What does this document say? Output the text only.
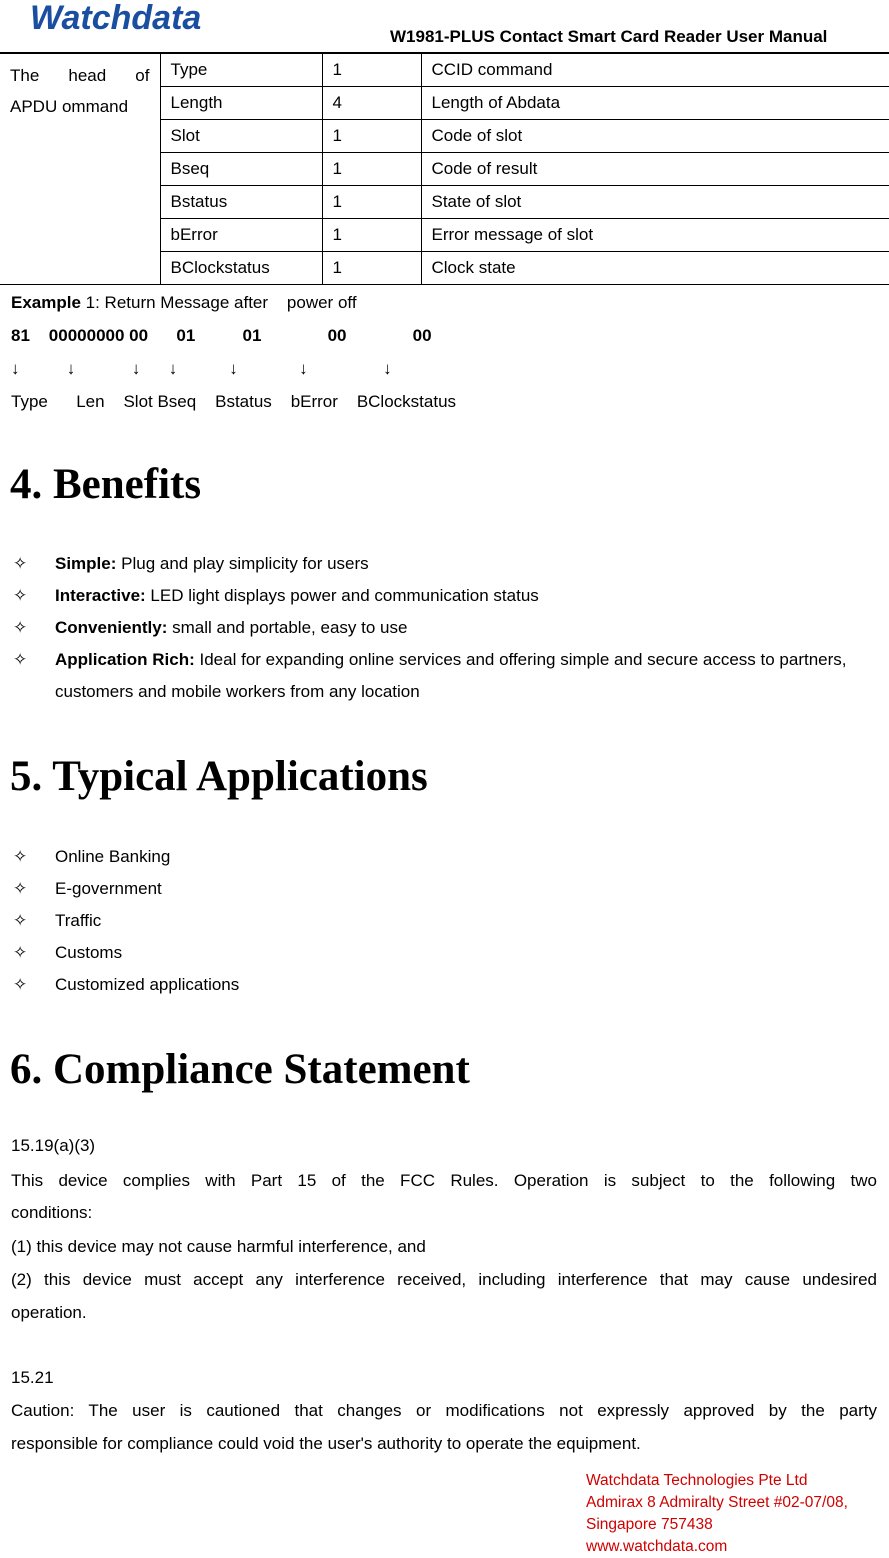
Watchdata	W1981-PLUS Contact Smart Card Reader User Manual
The head of APDU ommand	Type	1	CCID command
	Length	4	Length of Abdata
	Slot	1	Code of slot
	Bseq	1	Code of result
	Bstatus	1	State of slot
	bError	1	Error message of slot
	BClockstatus	1	Clock state
Example 1: Return Message after    power off
81    00000000 00      01          01              00              00
↓          ↓            ↓      ↓           ↓             ↓                ↓
Type      Len    Slot Bseq    Bstatus    bError    BClockstatus
4. Benefits
✧ Simple: Plug and play simplicity for users
✧ Interactive: LED light displays power and communication status
✧ Conveniently: small and portable, easy to use
✧ Application Rich: Ideal for expanding online services and offering simple and secure access to partners, customers and mobile workers from any location
5. Typical Applications
✧ Online Banking
✧ E-government
✧ Traffic
✧ Customs
✧ Customized applications
6. Compliance Statement
15.19(a)(3)
This device complies with Part 15 of the FCC Rules. Operation is subject to the following two
conditions:
(1) this device may not cause harmful interference, and
(2) this device must accept any interference received, including interference that may cause undesired
operation.
15.21
Caution: The user is cautioned that changes or modifications not expressly approved by the party
responsible for compliance could void the user's authority to operate the equipment.
Watchdata Technologies Pte Ltd
Admirax 8 Admiralty Street #02-07/08,
Singapore 757438
www.watchdata.com
